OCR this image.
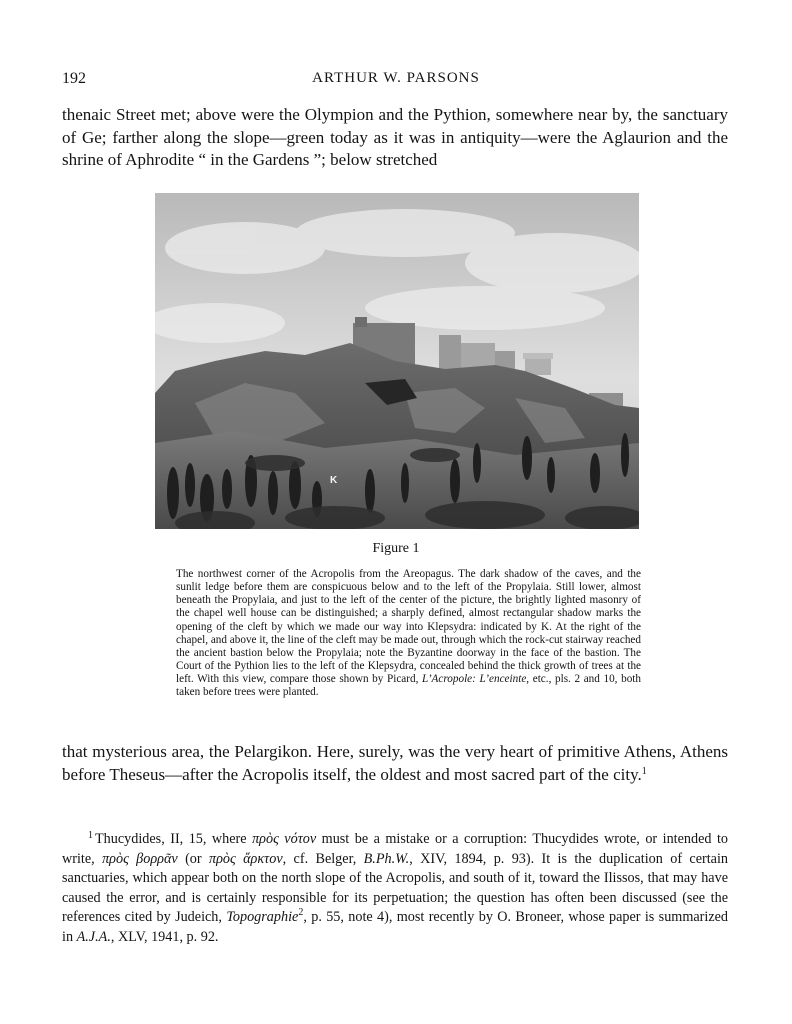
192	ARTHUR W. PARSONS

thenaic Street met; above were the Olympion and the Pythion, somewhere near by, the sanctuary of Ge; farther along the slope—green today as it was in antiquity—were the Aglaurion and the shrine of Aphrodite “ in the Gardens ”; below stretched

K
Figure 1

The northwest corner of the Acropolis from the Areopagus. The dark shadow of the caves, and the sunlit ledge before them are conspicuous below and to the left of the Propylaia. Still lower, almost beneath the Propylaia, and just to the left of the center of the picture, the brightly lighted masonry of the chapel well house can be distinguished; a sharply defined, almost rectangular shadow marks the opening of the cleft by which we made our way into Klepsydra: indicated by K. At the right of the chapel, and above it, the line of the cleft may be made out, through which the rock-cut stairway reached the ancient bastion below the Propylaia; note the Byzantine doorway in the face of the bastion. The Court of the Pythion lies to the left of the Klepsydra, concealed behind the thick growth of trees at the left. With this view, compare those shown by Picard, L’Acropole: L’enceinte, etc., pls. 2 and 10, both taken before trees were planted.

that mysterious area, the Pelargikon. Here, surely, was the very heart of primitive Athens, Athens before Theseus—after the Acropolis itself, the oldest and most sacred part of the city.$^1$

$^1$ Thucydides, II, 15, where πρὸς νότον must be a mistake or a corruption: Thucydides wrote, or intended to write, πρὸς βορρᾶν (or πρὸς ἄρκτον, cf. Belger, B.Ph.W., XIV, 1894, p. 93). It is the duplication of certain sanctuaries, which appear both on the north slope of the Acropolis, and south of it, toward the Ilissos, that may have caused the error, and is certainly responsible for its perpetuation; the question has often been discussed (see the references cited by Judeich, Topographie$^2$, p. 55, note 4), most recently by O. Broneer, whose paper is summarized in A.J.A., XLV, 1941, p. 92.
